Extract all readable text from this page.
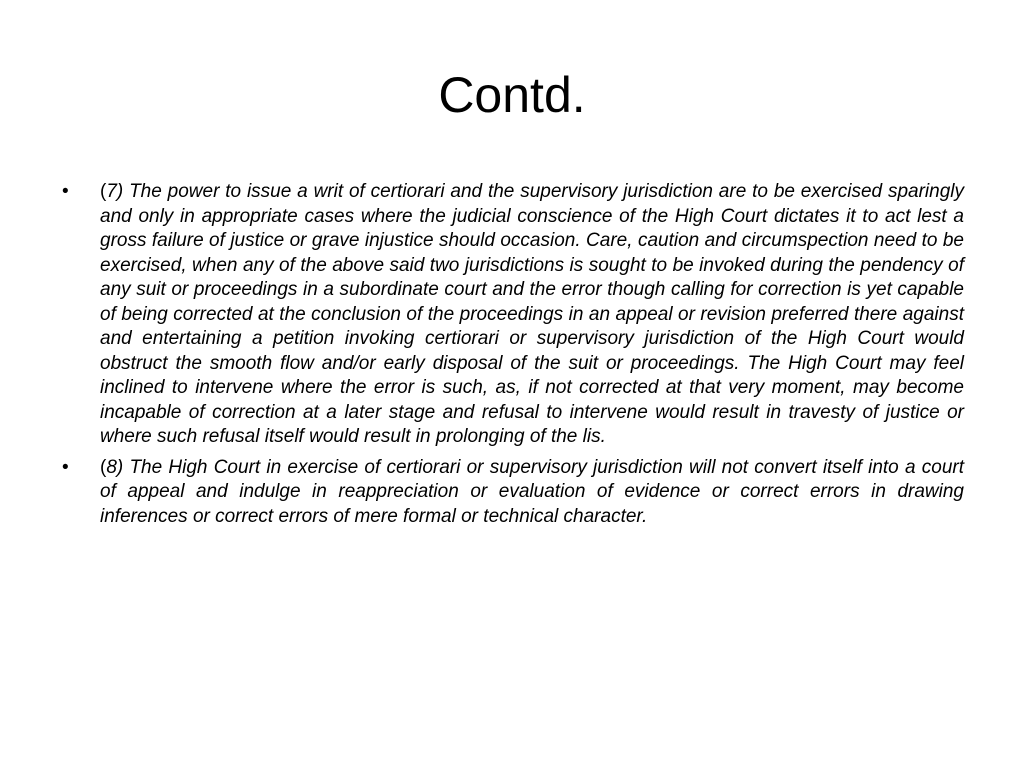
Contd.

• (7) The power to issue a writ of certiorari and the supervisory jurisdiction are to be exercised sparingly and only in appropriate cases where the judicial conscience of the High Court dictates it to act lest a gross failure of justice or grave injustice should occasion. Care, caution and circumspection need to be exercised, when any of the above said two jurisdictions is sought to be invoked during the pendency of any suit or proceedings in a subordinate court and the error though calling for correction is yet capable of being corrected at the conclusion of the proceedings in an appeal or revision preferred there against and entertaining a petition invoking certiorari or supervisory jurisdiction of the High Court would obstruct the smooth flow and/or early disposal of the suit or proceedings. The High Court may feel inclined to intervene where the error is such, as, if not corrected at that very moment, may become incapable of correction at a later stage and refusal to intervene would result in travesty of justice or where such refusal itself would result in prolonging of the lis.

• (8) The High Court in exercise of certiorari or supervisory jurisdiction will not convert itself into a court of appeal and indulge in reappreciation or evaluation of evidence or correct errors in drawing inferences or correct errors of mere formal or technical character.
